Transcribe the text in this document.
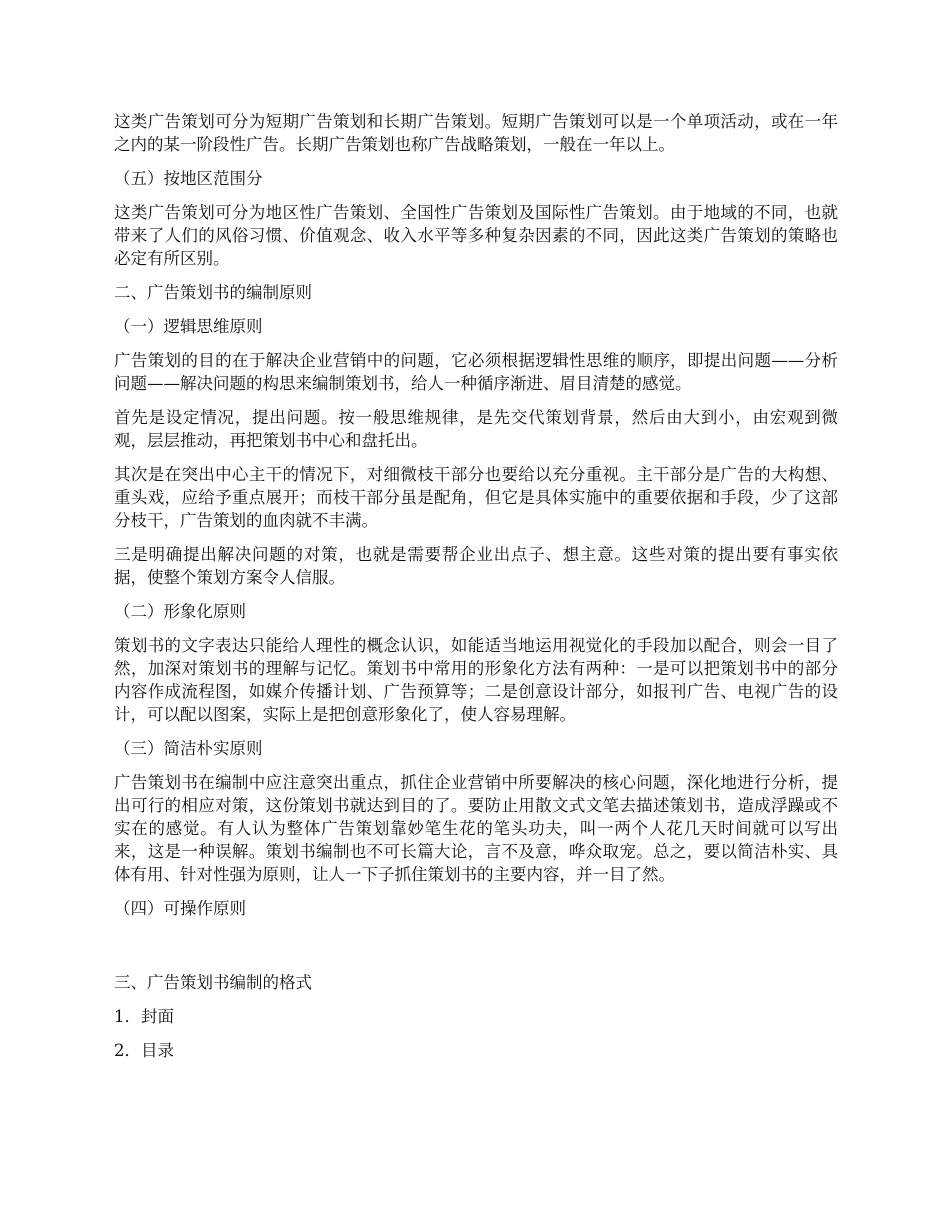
这类广告策划可分为短期广告策划和长期广告策划。短期广告策划可以是一个单项活动，或在一年之内的某一阶段性广告。长期广告策划也称广告战略策划，一般在一年以上。

（五）按地区范围分

这类广告策划可分为地区性广告策划、全国性广告策划及国际性广告策划。由于地域的不同，也就带来了人们的风俗习惯、价值观念、收入水平等多种复杂因素的不同，因此这类广告策划的策略也必定有所区别。

二、广告策划书的编制原则

（一）逻辑思维原则

广告策划的目的在于解决企业营销中的问题，它必须根据逻辑性思维的顺序，即提出问题——分析问题——解决问题的构思来编制策划书，给人一种循序渐进、眉目清楚的感觉。

首先是设定情况，提出问题。按一般思维规律，是先交代策划背景，然后由大到小，由宏观到微观，层层推动，再把策划书中心和盘托出。

其次是在突出中心主干的情况下，对细微枝干部分也要给以充分重视。主干部分是广告的大构想、重头戏，应给予重点展开；而枝干部分虽是配角，但它是具体实施中的重要依据和手段，少了这部分枝干，广告策划的血肉就不丰满。

三是明确提出解决问题的对策，也就是需要帮企业出点子、想主意。这些对策的提出要有事实依据，使整个策划方案令人信服。

（二）形象化原则

策划书的文字表达只能给人理性的概念认识，如能适当地运用视觉化的手段加以配合，则会一目了然，加深对策划书的理解与记忆。策划书中常用的形象化方法有两种：一是可以把策划书中的部分内容作成流程图，如媒介传播计划、广告预算等；二是创意设计部分，如报刊广告、电视广告的设计，可以配以图案，实际上是把创意形象化了，使人容易理解。

（三）简洁朴实原则

广告策划书在编制中应注意突出重点，抓住企业营销中所要解决的核心问题，深化地进行分析，提出可行的相应对策，这份策划书就达到目的了。要防止用散文式文笔去描述策划书，造成浮躁或不实在的感觉。有人认为整体广告策划靠妙笔生花的笔头功夫，叫一两个人花几天时间就可以写出来，这是一种误解。策划书编制也不可长篇大论，言不及意，哗众取宠。总之，要以简洁朴实、具体有用、针对性强为原则，让人一下子抓住策划书的主要内容，并一目了然。

（四）可操作原则

三、广告策划书编制的格式

1．封面

2．目录
